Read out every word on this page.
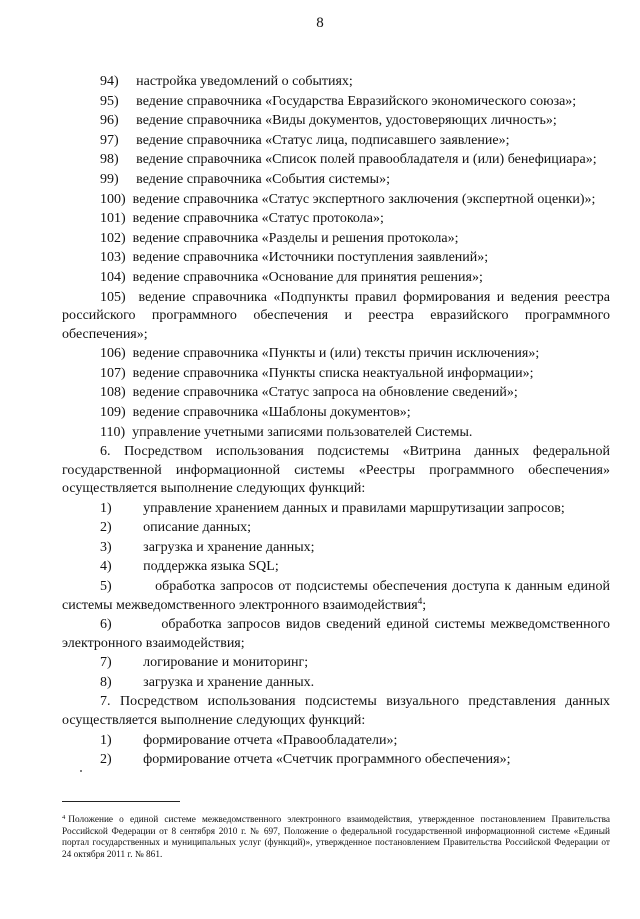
8

94)     настройка уведомлений о событиях;

95)     ведение справочника «Государства Евразийского экономического союза»;

96)     ведение справочника «Виды документов, удостоверяющих личность»;

97)     ведение справочника «Статус лица, подписавшего заявление»;

98)     ведение справочника «Список полей правообладателя и (или) бенефициара»;

99)     ведение справочника «События системы»;

100)  ведение справочника «Статус экспертного заключения (экспертной оценки)»;

101)  ведение справочника «Статус протокола»;

102)  ведение справочника «Разделы и решения протокола»;

103)  ведение справочника «Источники поступления заявлений»;

104)  ведение справочника «Основание для принятия решения»;

105)  ведение справочника «Подпункты правил формирования и ведения реестра российского программного обеспечения и реестра евразийского программного обеспечения»;

106)  ведение справочника «Пункты и (или) тексты причин исключения»;

107)  ведение справочника «Пункты списка неактуальной информации»;

108)  ведение справочника «Статус запроса на обновление сведений»;

109)  ведение справочника «Шаблоны документов»;

110)  управление учетными записями пользователей Системы.

6. Посредством использования подсистемы «Витрина данных федеральной государственной информационной системы «Реестры программного обеспечения» осуществляется выполнение следующих функций:

1)         управление хранением данных и правилами маршрутизации запросов;

2)         описание данных;

3)         загрузка и хранение данных;

4)         поддержка языка SQL;

5)         обработка запросов от подсистемы обеспечения доступа к данным единой системы межведомственного электронного взаимодействия$^4$;

6)         обработка запросов видов сведений единой системы межведомственного электронного взаимодействия;

7)         логирование и мониторинг;

8)         загрузка и хранение данных.

7. Посредством использования подсистемы визуального представления данных осуществляется выполнение следующих функций:

1)         формирование отчета «Правообладатели»;

2)         формирование отчета «Счетчик программного обеспечения»;

$^4$ Положение о единой системе межведомственного электронного взаимодействия, утвержденное постановлением Правительства Российской Федерации от 8 сентября 2010 г. № 697, Положение о федеральной государственной информационной системе «Единый портал государственных и муниципальных услуг (функций)», утвержденное постановлением Правительства Российской Федерации от 24 октября 2011 г. № 861.
